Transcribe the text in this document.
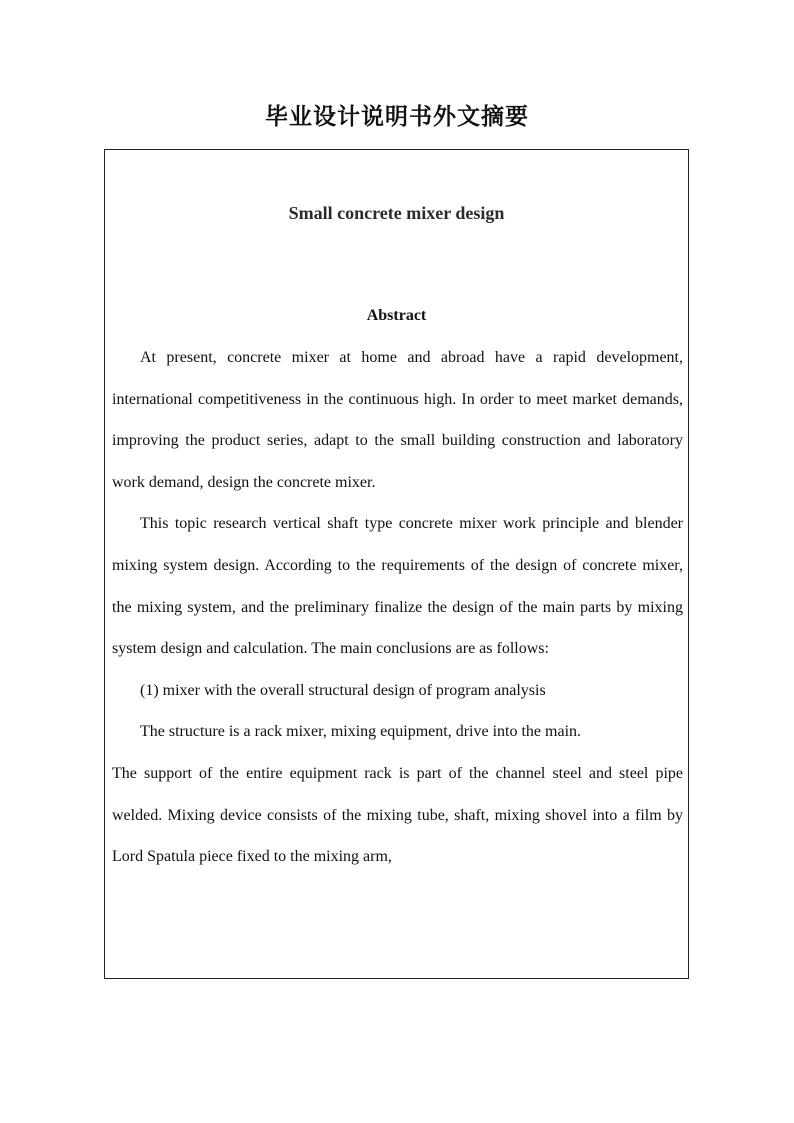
毕业设计说明书外文摘要
Small concrete mixer design
Abstract

At present, concrete mixer at home and abroad have a rapid development, international competitiveness in the continuous high. In order to meet market demands, improving the product series, adapt to the small building construction and laboratory work demand, design the concrete mixer.

This topic research vertical shaft type concrete mixer work principle and blender mixing system design. According to the requirements of the design of concrete mixer, the mixing system, and the preliminary finalize the design of the main parts by mixing system design and calculation. The main conclusions are as follows:

(1) mixer with the overall structural design of program analysis

The structure is a rack mixer, mixing equipment, drive into the main.

The support of the entire equipment rack is part of the channel steel and steel pipe welded. Mixing device consists of the mixing tube, shaft, mixing shovel into a film by Lord Spatula piece fixed to the mixing arm,
